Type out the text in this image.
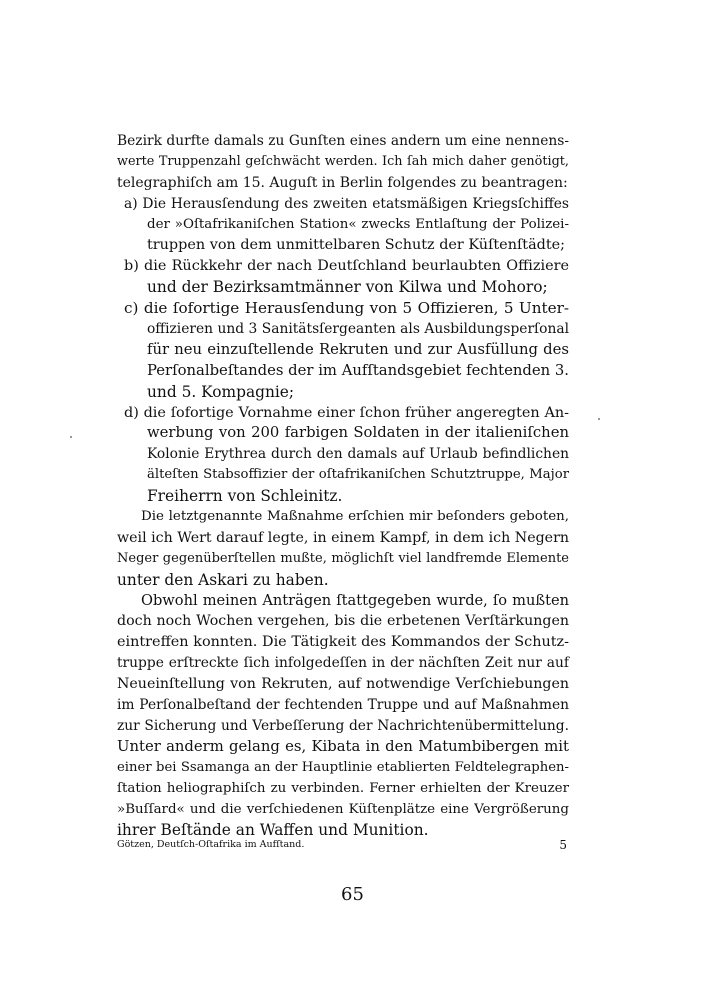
Bezirk durfte damals zu Gunſten eines andern um eine nennens-
werte Truppenzahl geſchwächt werden. Ich ſah mich daher genötigt,
telegraphiſch am 15. Auguſt in Berlin folgendes zu beantragen:
a) Die Herausſendung des zweiten etatsmäßigen Kriegsſchiffes
der »Oſtafrikaniſchen Station« zwecks Entlaſtung der Polizei-
truppen von dem unmittelbaren Schutz der Küſtenſtädte;
b) die Rückkehr der nach Deutſchland beurlaubten Offiziere
und der Bezirksamtmänner von Kilwa und Mohoro;
c) die ſofortige Herausſendung von 5 Offizieren, 5 Unter-
offizieren und 3 Sanitätsſergeanten als Ausbildungsperſonal
für neu einzuſtellende Rekruten und zur Ausfüllung des
Perſonalbeſtandes der im Aufſtandsgebiet fechtenden 3.
und 5. Kompagnie;
d) die ſofortige Vornahme einer ſchon früher angeregten An-
werbung von 200 farbigen Soldaten in der italieniſchen
Kolonie Erythrea durch den damals auf Urlaub befindlichen
älteſten Stabsoffizier der oſtafrikaniſchen Schutztruppe, Major
Freiherrn von Schleinitz.
Die letztgenannte Maßnahme erſchien mir beſonders geboten,
weil ich Wert darauf legte, in einem Kampf, in dem ich Negern
Neger gegenüberſtellen mußte, möglichſt viel landfremde Elemente
unter den Askari zu haben.
Obwohl meinen Anträgen ſtattgegeben wurde, ſo mußten
doch noch Wochen vergehen, bis die erbetenen Verſtärkungen
eintreffen konnten. Die Tätigkeit des Kommandos der Schutz-
truppe erſtreckte ſich infolgedeſſen in der nächſten Zeit nur auf
Neueinſtellung von Rekruten, auf notwendige Verſchiebungen
im Perſonalbeſtand der fechtenden Truppe und auf Maßnahmen
zur Sicherung und Verbeſſerung der Nachrichtenübermittelung.
Unter anderm gelang es, Kibata in den Matumbibergen mit
einer bei Ssamanga an der Hauptlinie etablierten Feldtelegraphen-
ſtation heliographiſch zu verbinden. Ferner erhielten der Kreuzer
»Buſſard« und die verſchiedenen Küſtenplätze eine Vergrößerung
ihrer Beſtände an Waffen und Munition.
Götzen, Deutſch-Oſtafrika im Aufſtand.	5
65
